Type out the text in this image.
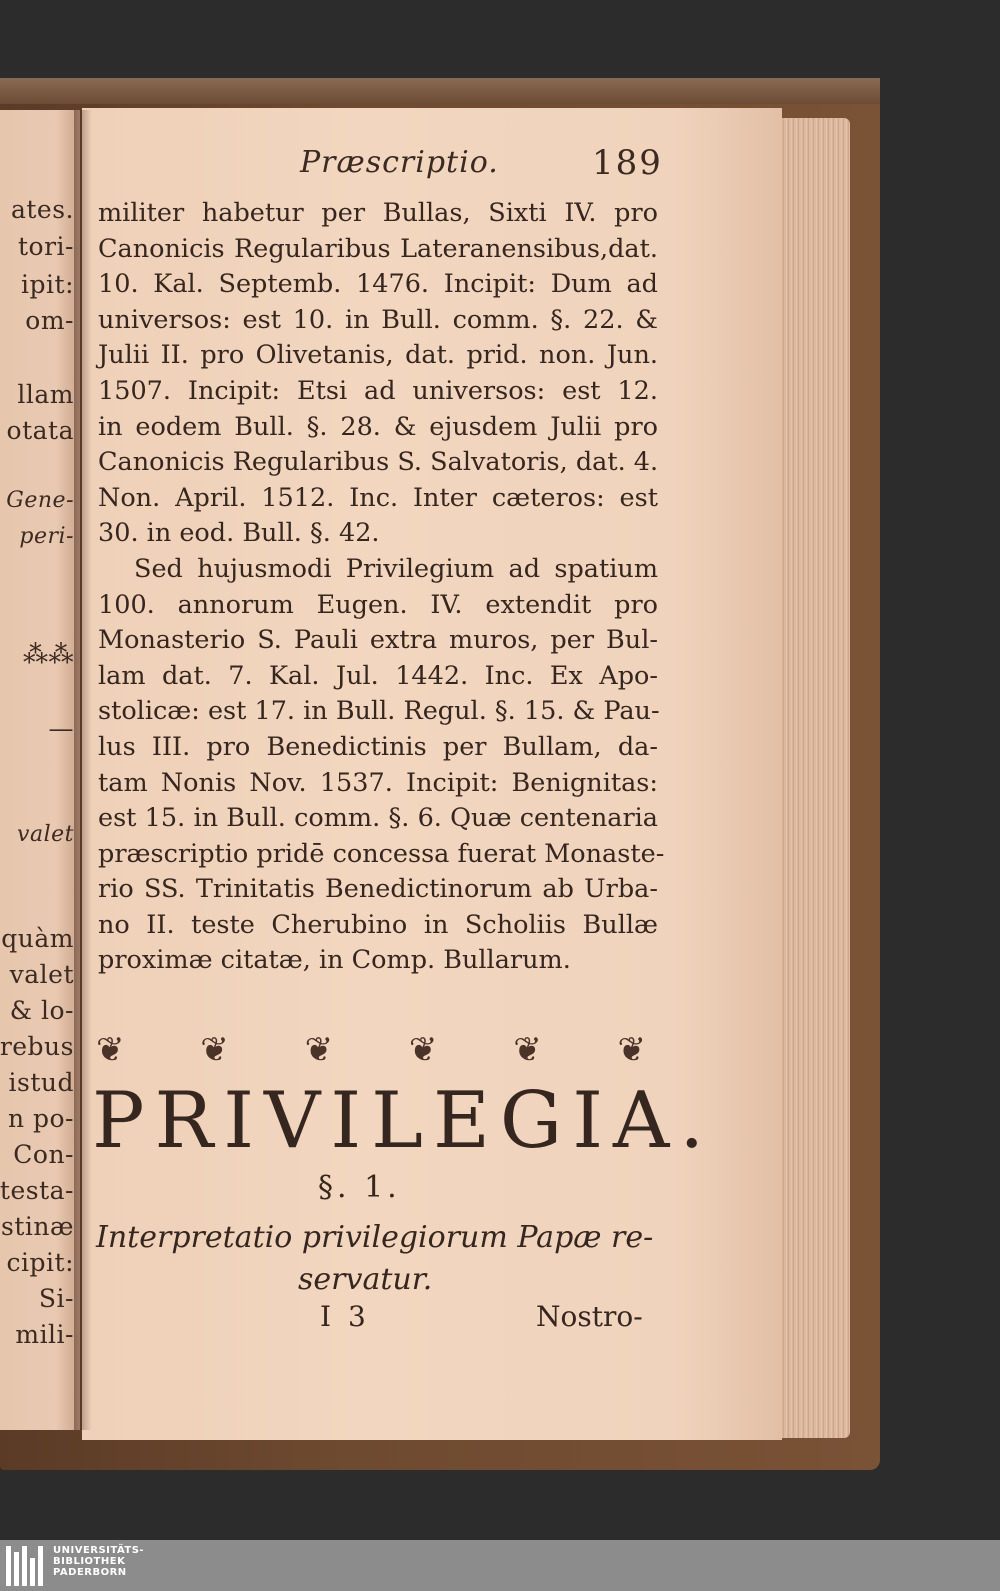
ates.
tori-
ipit:
om-
llam
otata
Gene-
peri-
⁂⁂
—
valet
quàm
valet
& lo-
rebus
istud
n po-
Con-
testa-
stinæ
cipit:
Si-
mili-
Præscriptio.	189
militer habetur per Bullas, Sixti IV. pro
Canonicis Regularibus Lateranensibus,dat.
10. Kal. Septemb. 1476. Incipit: Dum ad
universos: est 10. in Bull. comm. §. 22. &
Julii II. pro Olivetanis, dat. prid. non. Jun.
1507. Incipit: Etsi ad universos: est 12.
in eodem Bull. §. 28. & ejusdem Julii pro
Canonicis Regularibus S. Salvatoris, dat. 4.
Non. April. 1512. Inc. Inter cæteros: est
30. in eod. Bull. §. 42.
Sed hujusmodi Privilegium ad spatium
100. annorum Eugen. IV. extendit pro
Monasterio S. Pauli extra muros, per Bul-
lam dat. 7. Kal. Jul. 1442. Inc. Ex Apo-
stolicæ: est 17. in Bull. Regul. §. 15. & Pau-
lus III. pro Benedictinis per Bullam, da-
tam Nonis Nov. 1537. Incipit: Benignitas:
est 15. in Bull. comm. §. 6. Quæ centenaria
præscriptio pridē concessa fuerat Monaste-
rio SS. Trinitatis Benedictinorum ab Urba-
no II. teste Cherubino in Scholiis Bullæ
proximæ citatæ, in Comp. Bullarum.
❦ ❦ ❦ ❦ ❦ ❦
PRIVILEGIA.
§. 1.
Interpretatio privilegiorum Papæ re-
servatur.
I 3	Nostro-
UNIVERSITÄTS-
BIBLIOTHEK
PADERBORN
